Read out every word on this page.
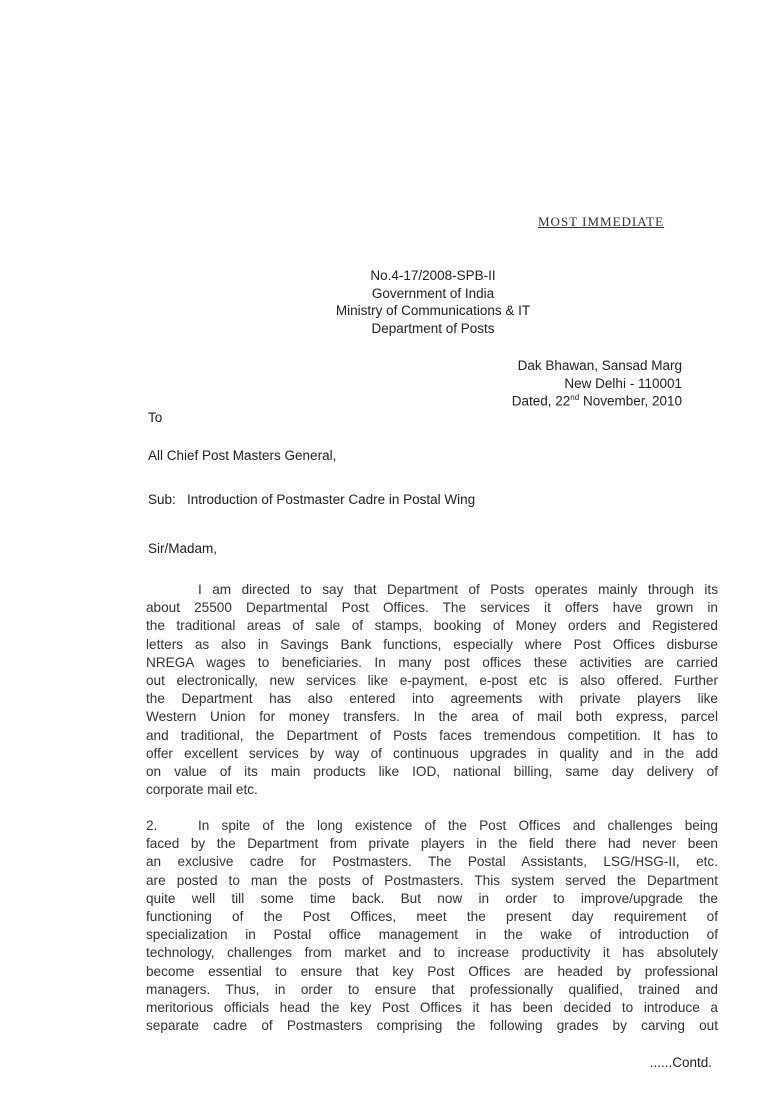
MOST IMMEDIATE
No.4-17/2008-SPB-II
Government of India
Ministry of Communications & IT
Department of Posts
Dak Bhawan, Sansad Marg
New Delhi - 110001
Dated, 22nd November, 2010
To
All Chief Post Masters General,
Sub: Introduction of Postmaster Cadre in Postal Wing
Sir/Madam,
I am directed to say that Department of Posts operates mainly through its
about 25500 Departmental Post Offices. The services it offers have grown in
the traditional areas of sale of stamps, booking of Money orders and Registered
letters as also in Savings Bank functions, especially where Post Offices disburse
NREGA wages to beneficiaries. In many post offices these activities are carried
out electronically, new services like e-payment, e-post etc is also offered. Further
the Department has also entered into agreements with private players like
Western Union for money transfers. In the area of mail both express, parcel
and traditional, the Department of Posts faces tremendous competition. It has to
offer excellent services by way of continuous upgrades in quality and in the add
on value of its main products like IOD, national billing, same day delivery of
corporate mail etc.
2.	In spite of the long existence of the Post Offices and challenges being
faced by the Department from private players in the field there had never been
an exclusive cadre for Postmasters. The Postal Assistants, LSG/HSG-II, etc.
are posted to man the posts of Postmasters. This system served the Department
quite well till some time back. But now in order to improve/upgrade the
functioning of the Post Offices, meet the present day requirement of
specialization in Postal office management in the wake of introduction of
technology, challenges from market and to increase productivity it has absolutely
become essential to ensure that key Post Offices are headed by professional
managers. Thus, in order to ensure that professionally qualified, trained and
meritorious officials head the key Post Offices it has been decided to introduce a
separate cadre of Postmasters comprising the following grades by carving out
......Contd.
